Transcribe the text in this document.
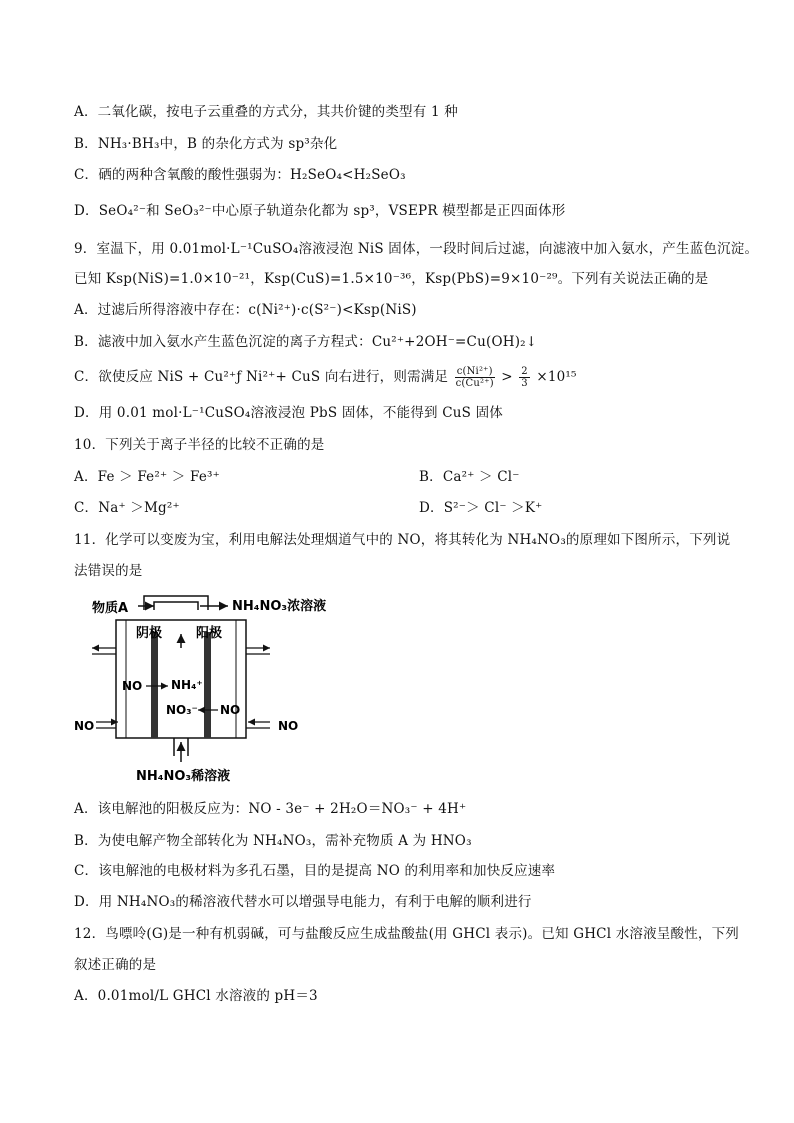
A．二氧化碳，按电子云重叠的方式分，其共价键的类型有 1 种
B．NH₃·BH₃中，B 的杂化方式为 sp³杂化
C．硒的两种含氧酸的酸性强弱为：H₂SeO₄<H₂SeO₃
D．SeO₄²⁻和 SeO₃²⁻中心原子轨道杂化都为 sp³，VSEPR 模型都是正四面体形
9．室温下，用 0.01mol·L⁻¹CuSO₄溶液浸泡 NiS 固体，一段时间后过滤，向滤液中加入氨水，产生蓝色沉淀。
已知 Ksp(NiS)=1.0×10⁻²¹，Ksp(CuS)=1.5×10⁻³⁶，Ksp(PbS)=9×10⁻²⁹。下列有关说法正确的是
A．过滤后所得溶液中存在：c(Ni²⁺)·c(S²⁻)<Ksp(NiS)
B．滤液中加入氨水产生蓝色沉淀的离子方程式：Cu²⁺+2OH⁻=Cu(OH)₂↓
C．欲使反应 NiS + Cu²⁺ƒ Ni²⁺+ CuS 向右进行，则需满足 $\frac{\text{c(Ni²⁺)}}{\text{c(Cu²⁺)}} > \frac{2}{3} \times 10^{15}$
D．用 0.01 mol·L⁻¹CuSO₄溶液浸泡 PbS 固体，不能得到 CuS 固体
10．下列关于离子半径的比较不正确的是
A．Fe ＞ Fe²⁺ ＞ Fe³⁺	B．Ca²⁺ ＞ Cl⁻
C．Na⁺ ＞Mg²⁺	D．S²⁻＞ Cl⁻ ＞K⁺
11．化学可以变废为宝，利用电解法处理烟道气中的 NO，将其转化为 NH₄NO₃的原理如下图所示，下列说
法错误的是
物质A	NH₄NO₃浓溶液
阴极	阳极
NO NH₄⁺
NO₃⁻ NO
NO	NO
NH₄NO₃稀溶液
A．该电解池的阳极反应为：NO - 3e⁻ + 2H₂O＝NO₃⁻ + 4H⁺
B．为使电解产物全部转化为 NH₄NO₃，需补充物质 A 为 HNO₃
C．该电解池的电极材料为多孔石墨，目的是提高 NO 的利用率和加快反应速率
D．用 NH₄NO₃的稀溶液代替水可以增强导电能力，有利于电解的顺利进行
12．鸟嘌呤(G)是一种有机弱碱，可与盐酸反应生成盐酸盐(用 GHCl 表示)。已知 GHCl 水溶液呈酸性，下列
叙述正确的是
A．0.01mol/L GHCl 水溶液的 pH＝3
